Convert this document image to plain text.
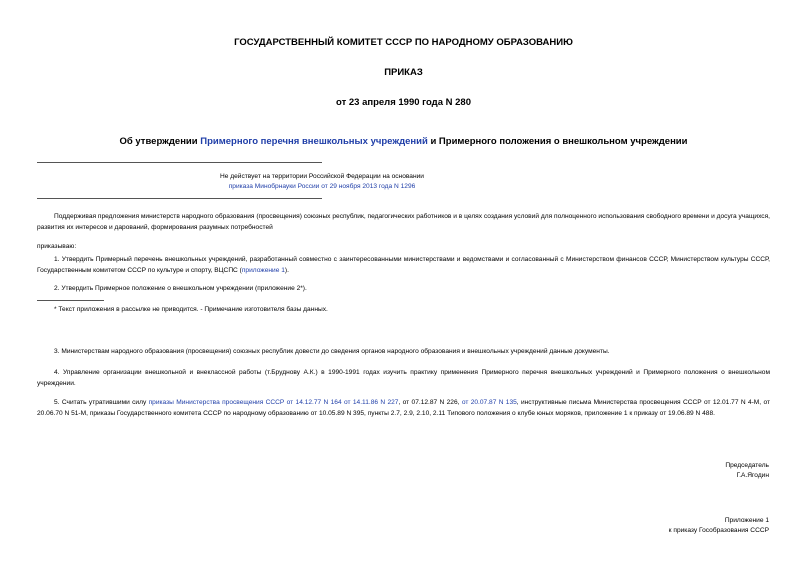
ГОСУДАРСТВЕННЫЙ КОМИТЕТ СССР ПО НАРОДНОМУ ОБРАЗОВАНИЮ

ПРИКАЗ

от 23 апреля 1990 года N 280

Об утверждении Примерного перечня внешкольных учреждений и Примерного положения о внешкольном учреждении

Не действует на территории Российской Федерации на основании

приказа Минобрнауки России от 29 ноября 2013 года N 1296

Поддерживая предложения министерств народного образования (просвещения) союзных республик, педагогических работников и в целях создания условий для полноценного использования свободного времени и досуга учащихся, развития их интересов и дарований, формирования разумных потребностей

приказываю:

1. Утвердить Примерный перечень внешкольных учреждений, разработанный совместно с заинтересованными министерствами и ведомствами и согласованный с Министерством финансов СССР, Министерством культуры СССР, Государственным комитетом СССР по культуре и спорту, ВЦСПС (приложение 1).

2. Утвердить Примерное положение о внешкольном учреждении (приложение 2*).

* Текст приложения в рассылке не приводится. - Примечание изготовителя базы данных.

3. Министерствам народного образования (просвещения) союзных республик довести до сведения органов народного образования и внешкольных учреждений данные документы.

4. Управление организации внешкольной и внеклассной работы (т.Бруднову А.К.) в 1990-1991 годах изучить практику применения Примерного перечня внешкольных учреждений и Примерного положения о внешкольном учреждении.

5. Считать утратившими силу приказы Министерства просвещения СССР от 14.12.77 N 164 от 14.11.86 N 227, от 07.12.87 N 226, от 20.07.87 N 135, инструктивные письма Министерства просвещения СССР от 12.01.77 N 4-М, от 20.06.70 N 51-М, приказы Государственного комитета СССР по народному образованию от 10.05.89 N 395, пункты 2.7, 2.9, 2.10, 2.11 Типового положения о клубе юных моряков, приложение 1 к приказу от 19.06.89 N 488.

Председатель

Г.А.Ягодин

Приложение 1

к приказу Гособразования СССР
